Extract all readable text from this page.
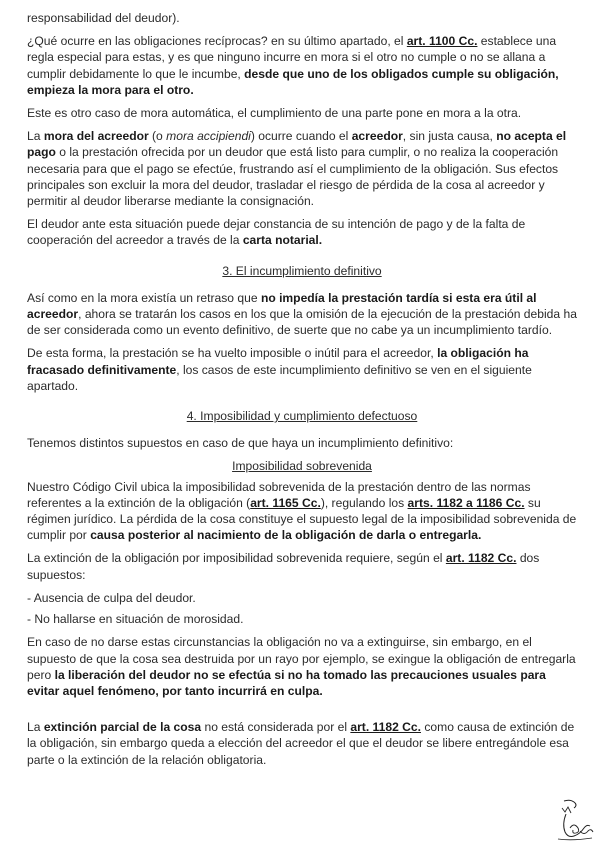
responsabilidad del deudor).

¿Qué ocurre en las obligaciones recíprocas? en su último apartado, el art. 1100 Cc. establece una regla especial para estas, y es que ninguno incurre en mora si el otro no cumple o no se allana a cumplir debidamente lo que le incumbe, desde que uno de los obligados cumple su obligación, empieza la mora para el otro.

Este es otro caso de mora automática, el cumplimiento de una parte pone en mora a la otra.

La mora del acreedor (o mora accipiendi) ocurre cuando el acreedor, sin justa causa, no acepta el pago o la prestación ofrecida por un deudor que está listo para cumplir, o no realiza la cooperación necesaria para que el pago se efectúe, frustrando así el cumplimiento de la obligación. Sus efectos principales son excluir la mora del deudor, trasladar el riesgo de pérdida de la cosa al acreedor y permitir al deudor liberarse mediante la consignación.

El deudor ante esta situación puede dejar constancia de su intención de pago y de la falta de cooperación del acreedor a través de la carta notarial.

3. El incumplimiento definitivo

Así como en la mora existía un retraso que no impedía la prestación tardía si esta era útil al acreedor, ahora se tratarán los casos en los que la omisión de la ejecución de la prestación debida ha de ser considerada como un evento definitivo, de suerte que no cabe ya un incumplimiento tardío.

De esta forma, la prestación se ha vuelto imposible o inútil para el acreedor, la obligación ha fracasado definitivamente, los casos de este incumplimiento definitivo se ven en el siguiente apartado.

4. Imposibilidad y cumplimiento defectuoso

Tenemos distintos supuestos en caso de que haya un incumplimiento definitivo:

Imposibilidad sobrevenida

Nuestro Código Civil ubica la imposibilidad sobrevenida de la prestación dentro de las normas referentes a la extinción de la obligación (art. 1165 Cc.), regulando los arts. 1182 a 1186 Cc. su régimen jurídico. La pérdida de la cosa constituye el supuesto legal de la imposibilidad sobrevenida de cumplir por causa posterior al nacimiento de la obligación de darla o entregarla.

La extinción de la obligación por imposibilidad sobrevenida requiere, según el art. 1182 Cc. dos supuestos:

- Ausencia de culpa del deudor.

- No hallarse en situación de morosidad.

En caso de no darse estas circunstancias la obligación no va a extinguirse, sin embargo, en el supuesto de que la cosa sea destruida por un rayo por ejemplo, se exingue la obligación de entregarla pero la liberación del deudor no se efectúa si no ha tomado las precauciones usuales para evitar aquel fenómeno, por tanto incurrirá en culpa.

La extinción parcial de la cosa no está considerada por el art. 1182 Cc. como causa de extinción de la obligación, sin embargo queda a elección del acreedor el que el deudor se libere entregándole esa parte o la extinción de la relación obligatoria.
